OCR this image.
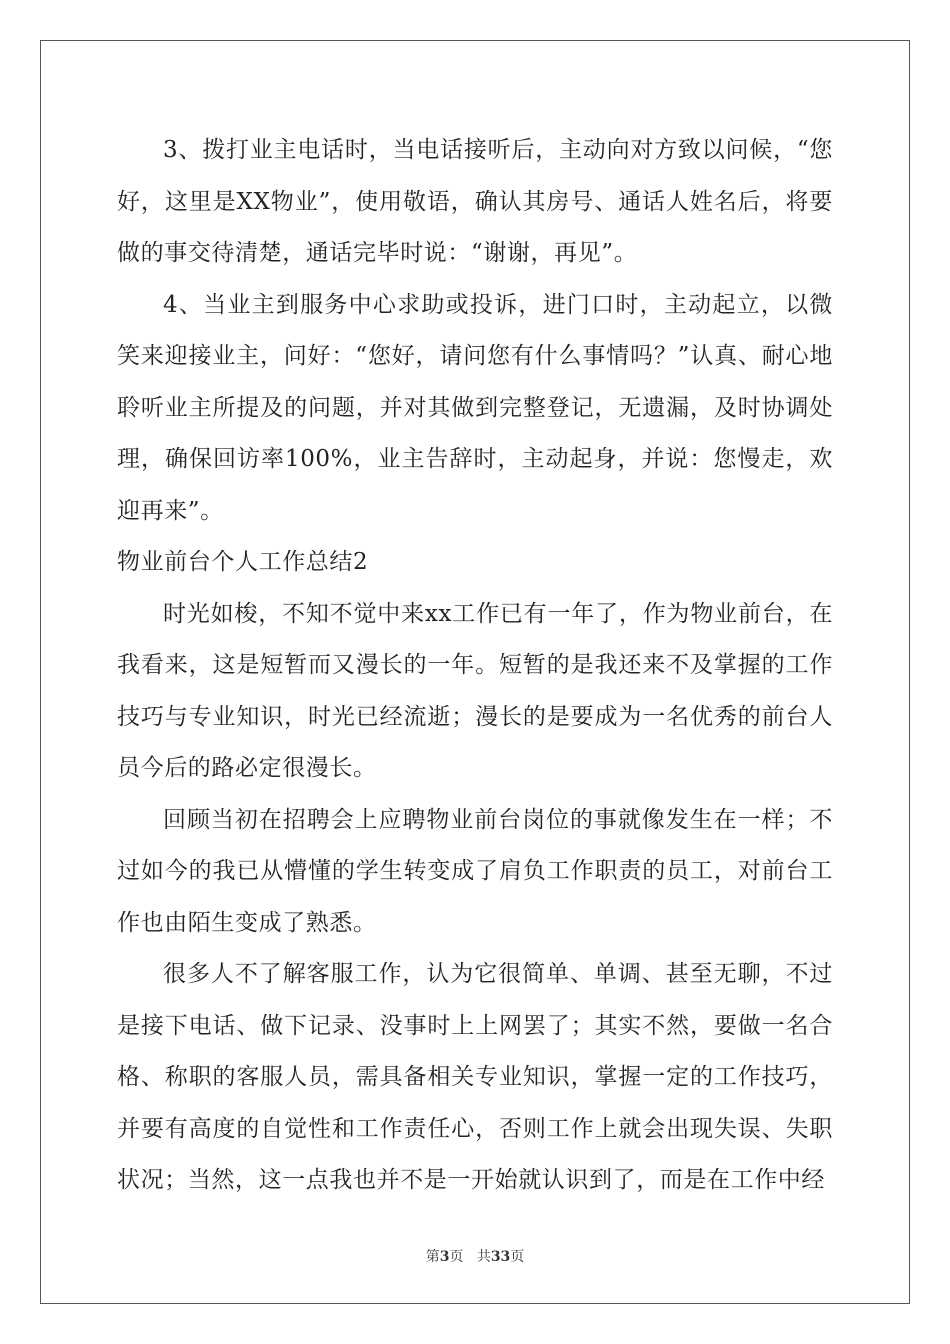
3、拨打业主电话时，当电话接听后，主动向对方致以问候，“您好，这里是XX物业”，使用敬语，确认其房号、通话人姓名后，将要做的事交待清楚，通话完毕时说：“谢谢，再见”。

4、当业主到服务中心求助或投诉，进门口时，主动起立，以微笑来迎接业主，问好：“您好，请问您有什么事情吗？”认真、耐心地聆听业主所提及的问题，并对其做到完整登记，无遗漏，及时协调处理，确保回访率100%，业主告辞时，主动起身，并说：您慢走，欢迎再来”。

物业前台个人工作总结2

时光如梭，不知不觉中来xx工作已有一年了，作为物业前台，在我看来，这是短暂而又漫长的一年。短暂的是我还来不及掌握的工作技巧与专业知识，时光已经流逝；漫长的是要成为一名优秀的前台人员今后的路必定很漫长。

回顾当初在招聘会上应聘物业前台岗位的事就像发生在一样；不过如今的我已从懵懂的学生转变成了肩负工作职责的员工，对前台工作也由陌生变成了熟悉。

很多人不了解客服工作，认为它很简单、单调、甚至无聊，不过是接下电话、做下记录、没事时上上网罢了；其实不然，要做一名合格、称职的客服人员，需具备相关专业知识，掌握一定的工作技巧，并要有高度的自觉性和工作责任心，否则工作上就会出现失误、失职状况；当然，这一点我也并不是一开始就认识到了，而是在工作中经

第3页 共33页
